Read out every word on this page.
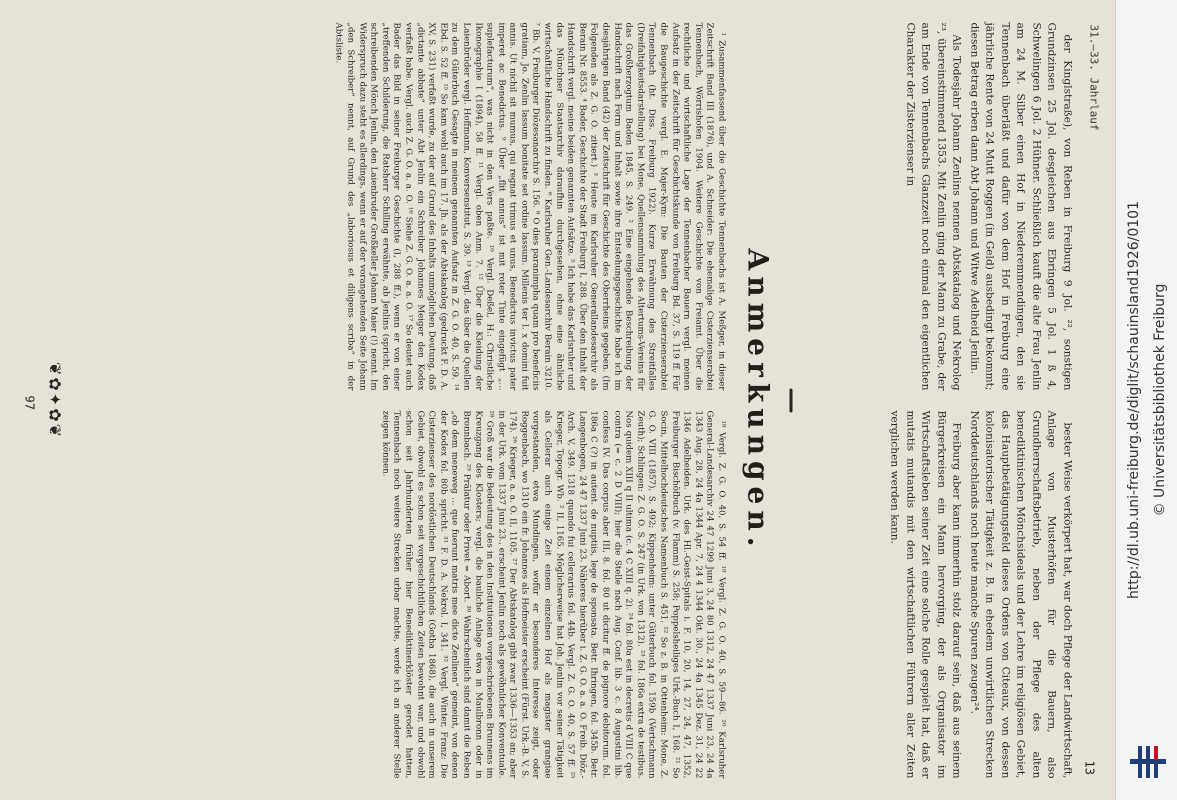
31.—33. Jahrlauf

der Kinglstraße), von Reben in Freiburg 9 Jol. ²², sonstigen Grundzinsen 25 Jol. desgleichen aus Ebringen 5 Jol. 1 ß 4, Schwelingen 6 Jol. 2 Hühner. Schließlich kauft die alte Frau Jenlin am 24 M. Silber einen Hof in Niederemmendingen, den sie Tennenbach überläßt und dafür von dem Hof in Freiburg eine jährliche Rente von 24 Mutt Roggen (in Geld) ausbedingt bekommt; diesen Betrag erben dann Abt Johann und Witwe Adelheid Jenlin.

Als Todesjahr Johann Zenlins nennen Abtskatalog und Nekrolog ²³, übereinstimmend 1353. Mit Zenlin ging der Mann zu Grabe, der am Ende von Tennenbachs Glanzzeit noch einmal den eigentlichen Charakter der Zisterzienser in

bester Weise verkörpert hat, war doch Pflege der Landwirtschaft, Anlage von Musterhöfen für die Bauern, also Grundherrschaftsbetrieb, neben der Pflege des alten benediktinischen Mönchsideals und der Lehre im religiösen Gebiet, das Hauptbetätigungsfeld dieses Ordens von Citeaux, von dessen kolonisatorischer Tätigkeit z. B. in ehedem unwirtlichen Strecken Norddeutschlands noch heute manche Spuren zeugen²⁴.

Freiburg aber kann immerhin stolz darauf sein, daß aus seinem Bürgerkreisen ein Mann hervorging, der als Organisator im Wirtschaftsleben seiner Zeit eine solche Rolle gespielt hat, daß er mutatis mutandis mit den wirtschaftlichen Führern aller Zeiten verglichen werden kann.

Anmerkungen.

¹ Zusammenfassend über die Geschichte Tennenbachs ist A. Meßger, in dieser Zeitschrift Band III (1876), und A. Schneider: Die ehemalige Cisterzienserabtei Tennenbach, Wörrishofen 1904. Weitere Geschichte von Freiamt. Über die rechtliche und wirtschaftliche Lage der Tennenbacher Bauern vergl. meinen Aufsatz in der Zeitschrift für Geschichtskunde von Freiburg Bd. 37, S. 119 ff. Für die Baugeschichte vergl. E. Majer-Kym: Die Bauten der Cisterzienserabtei Tennenbach (ht. Diss. Freiburg 1922). Kurze Erwähnung des Streitfalles (Dreifaltigkeitsdarstellung) bei Mone, Quellensammlung des Altertums-Vereins für das Großherzogtum Baden 1845, S. 249. ² Eine eingehende Beschreibung der Handschrift nach Form und Inhalt sowie ihre Entstehungsgeschichte habe ich im diesjährigen Band (42) der Zeitschrift für Geschichte des Oberrheins gegeben. (Im Folgenden als Z. G. O. zitiert.) ³ Heute im Karlsruher Generallandesarchiv als Berain Nr. 8553. ⁴ Bader, Geschichte der Stadt Freiburg I, 288. Über den Inhalt der Handschrift vergl. meine beiden genannten Aufsätze. ⁵ Ich habe das Karlsruher und das Münchner Staatsarchiv daraufhin durchgesehen, ohne eine ähnliche wirtschaftliche Handschrift zu finden. ⁶ Karlsruher Gen.-Landesarchiv Berain 3210. ⁷ Bb. V, Freiburger Diözesanarchiv S. 156. ⁸ O dies paranimpha quam pro beneficiis gratiam, Jo. Zenlin lassum bonitate set ordine lassum. Millenis ter l. x domini fuit annis. Ut nichil sit mumus, qui regnat trimus et unus, Benedictus invictus pater imperet ac Benedictus. ⁹ Über „flit annus“ ist mit roter Tinte eingefügt „... suplefacturum“, was nicht in den Vers paßte. ¹⁰ Vergl. Deßel, H.: Christliche Ikonographie I (1894), 58 ff. ¹¹ Vergl. oben Anm. 7. ¹² Über die Kleidung der Laienbrüder vergl. Hoffmann, Konversenstitut, S. 39. ¹³ Vergl. das über die Quellen zu dem Güterbuch Gesagte in meinem genannten Aufsatz in Z. G. O. 40, S. 59. ¹⁴ Ebd. S. 52 ff. ¹⁵ So kam wohl auch im 17. Jh. als der Abtskatalog (gedruckt F. D. A. XV, S. 231) verfaßt wurde, zu der auf Grund des Inhalts unmöglichen Deutung, daß „dictante abbate“ unter Abt Jenlin ein Schreiber Johannes Meiger den Kodex verfaßt habe. Vergl. auch Z. G. O. a. a. O. ¹⁶ Siehe Z. G. O. a. a. O. ¹⁷ So deutet auch Bader das Bild in seiner Freiburger Geschichte (I, 288 ff.), wenn er von einer „treffenden Schilderung, die Ratsherr Schilling erwähnte, ab Jenlins (spricht, den schreibenden Mönch Jenlin, den Laienbruder Großkeller Johann Maier (!) nennt. Im Widerspruch dazu steht es allerdings, wenn er auf der vorangehenden Seite Johann „den Schreiber“ nennt, auf Grund des „laboriosus et diligens scriba“ in der Abtsliste.

¹⁸ Vergl. Z. G. O. 40, S. 54 ff. ¹⁹ Vergl. Z. G. O. 40, S. 59—86. ²⁰ Karlsruher General-Landesarchiv 24 47 1299 Juni 3, 24 80 1312, 24 47 1337 Juni 23, 24 4a 1343 Aug. 28, 24 4a 1344 Apr. 7, 24 4 1344 Okt. 30., 24 4a 1345 Dez. 31, 24 22 1346 Adelheiden. Urk. des Hl.-Geist-Spitals i. F. 10, 20, 14, 27, 24, 47, 1352, Freiburger Bischöfbuch (v. Flamm) S. 258; Poppelsheiliges Urk.-Buch I, 168. ²¹ So Socin, Mittelhochdeutsches Namenbuch S. 451. ²² So z. B. in Ottenheim: Mone, Z. G. O. VIII (1857), S. 492; Kippenheim: unter Güterbuch fol. 159b (Vertschmann Zeuth); Schlingen: Z. G. O. S. 247 (in Urk. von 1312). ²³ fol. 186a extra de testibus. Nos quidem XIII q II ultima (c. 4 C XIII q. 2). ²⁴ fol. 80a est in decretis d VIII C que contra (= c. 2 D VIII); hier die Stelle nach Aug. Conf. lib. 3 c. 8 Augustini lib. confess IV. Das corpus aber III, 8. fol. 80 ut dicitur ff. de pignore debitorum. fol. 186a C (?) in autent. de nuptiis, lege de sponsata. Betr. Ihringen, fol. 345b. Betr. Langenbogen, 24 47 1337 Juni 23. Näheres hierüber i. Z. G. O. a. a. O. Freib. Diöz.-Arch. V, 349. 1318 quando fui cellerarius fol. 44b. Vergl. Z. G. O. 40, S. 57 ff. ²⁵ Krieger, Topogr. Wb. ² II, 1165. Möglicherweise hat Joh. Jenlin vor seiner Tätigkeit als Cellerar auch einige Zeit einem einzelnen Hof als magister grangiae vorgestanden, etwa Mundingen, wofür er besonderes Interesse zeigt, oder Roggenbach, wo 1310 ein fr. Johannes als Hofmeister erscheint (Fürst. Urk.-B. V, S. 174). ²⁶ Krieger, a. a. O. II, 1105. ²⁷ Der Abtskatalog gibt zwar 1336—1353 an; aber in der Urk. vom 1337 Juni 23., erscheint Jenlin noch als gewöhnlicher Konventuale. ²⁸ Groß war die Bedeutung des in den Institutionen vorgeschriebenen Brunnens im Kreuzgang des Klosters; vergl. die bauliche Anlage etwa in Maulbronn oder in Bronnbach. ²⁹ Prälatur oder Privet = Abort. ³⁰ Wahrscheinlich sind damit die Reben „ob dem meneweg ... que fuerunt matris mee dicte Zenlinen“ gemeint, von denen der Kodex fol. 80b spricht. ³¹ F. D. A. Nekrol. I, 341. ³² Vergl. Winter, Franz: Die Cisterzienser des nordöstlichen Deutschlands (Gotha 1868), die auch in unserem Gebiet, obwohl es schon seit vorgeschichtlichen Zeiten bewohnt war, und obwohl schon seit Jahrhunderten früher hier Benediktinerklöster gerodet hatten, Tennenbach noch weitere Strecken urbar machte, werde ich an anderer Stelle zeigen können.

❦✿✦✿❦
97
13
http://dl.ub.uni-freiburg.de/diglit/schauinsland1926/0101 © Universitätsbibliothek Freiburg
